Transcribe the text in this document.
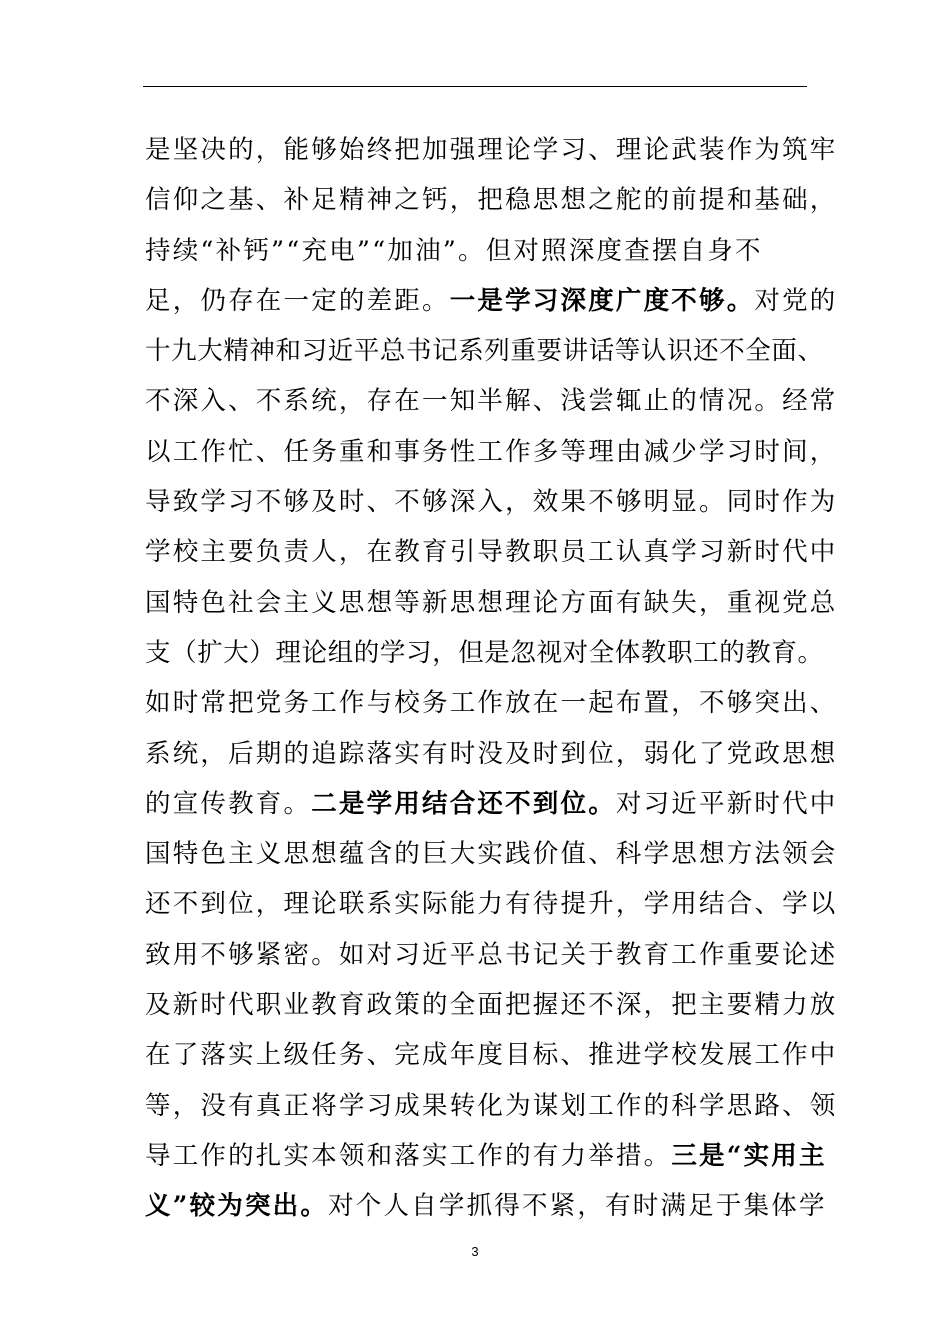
是坚决的，能够始终把加强理论学习、理论武装作为筑牢
信仰之基、补足精神之钙，把稳思想之舵的前提和基础，
持续“补钙”“充电”“加油”。但对照深度查摆自身不
足，仍存在一定的差距。一是学习深度广度不够。对党的
十九大精神和习近平总书记系列重要讲话等认识还不全面、
不深入、不系统，存在一知半解、浅尝辄止的情况。经常
以工作忙、任务重和事务性工作多等理由减少学习时间，
导致学习不够及时、不够深入，效果不够明显。同时作为
学校主要负责人，在教育引导教职员工认真学习新时代中
国特色社会主义思想等新思想理论方面有缺失，重视党总
支（扩大）理论组的学习，但是忽视对全体教职工的教育。
如时常把党务工作与校务工作放在一起布置，不够突出、
系统，后期的追踪落实有时没及时到位，弱化了党政思想
的宣传教育。二是学用结合还不到位。对习近平新时代中
国特色主义思想蕴含的巨大实践价值、科学思想方法领会
还不到位，理论联系实际能力有待提升，学用结合、学以
致用不够紧密。如对习近平总书记关于教育工作重要论述
及新时代职业教育政策的全面把握还不深，把主要精力放
在了落实上级任务、完成年度目标、推进学校发展工作中
等，没有真正将学习成果转化为谋划工作的科学思路、领
导工作的扎实本领和落实工作的有力举措。三是“实用主
义”较为突出。对个人自学抓得不紧，有时满足于集体学
3
